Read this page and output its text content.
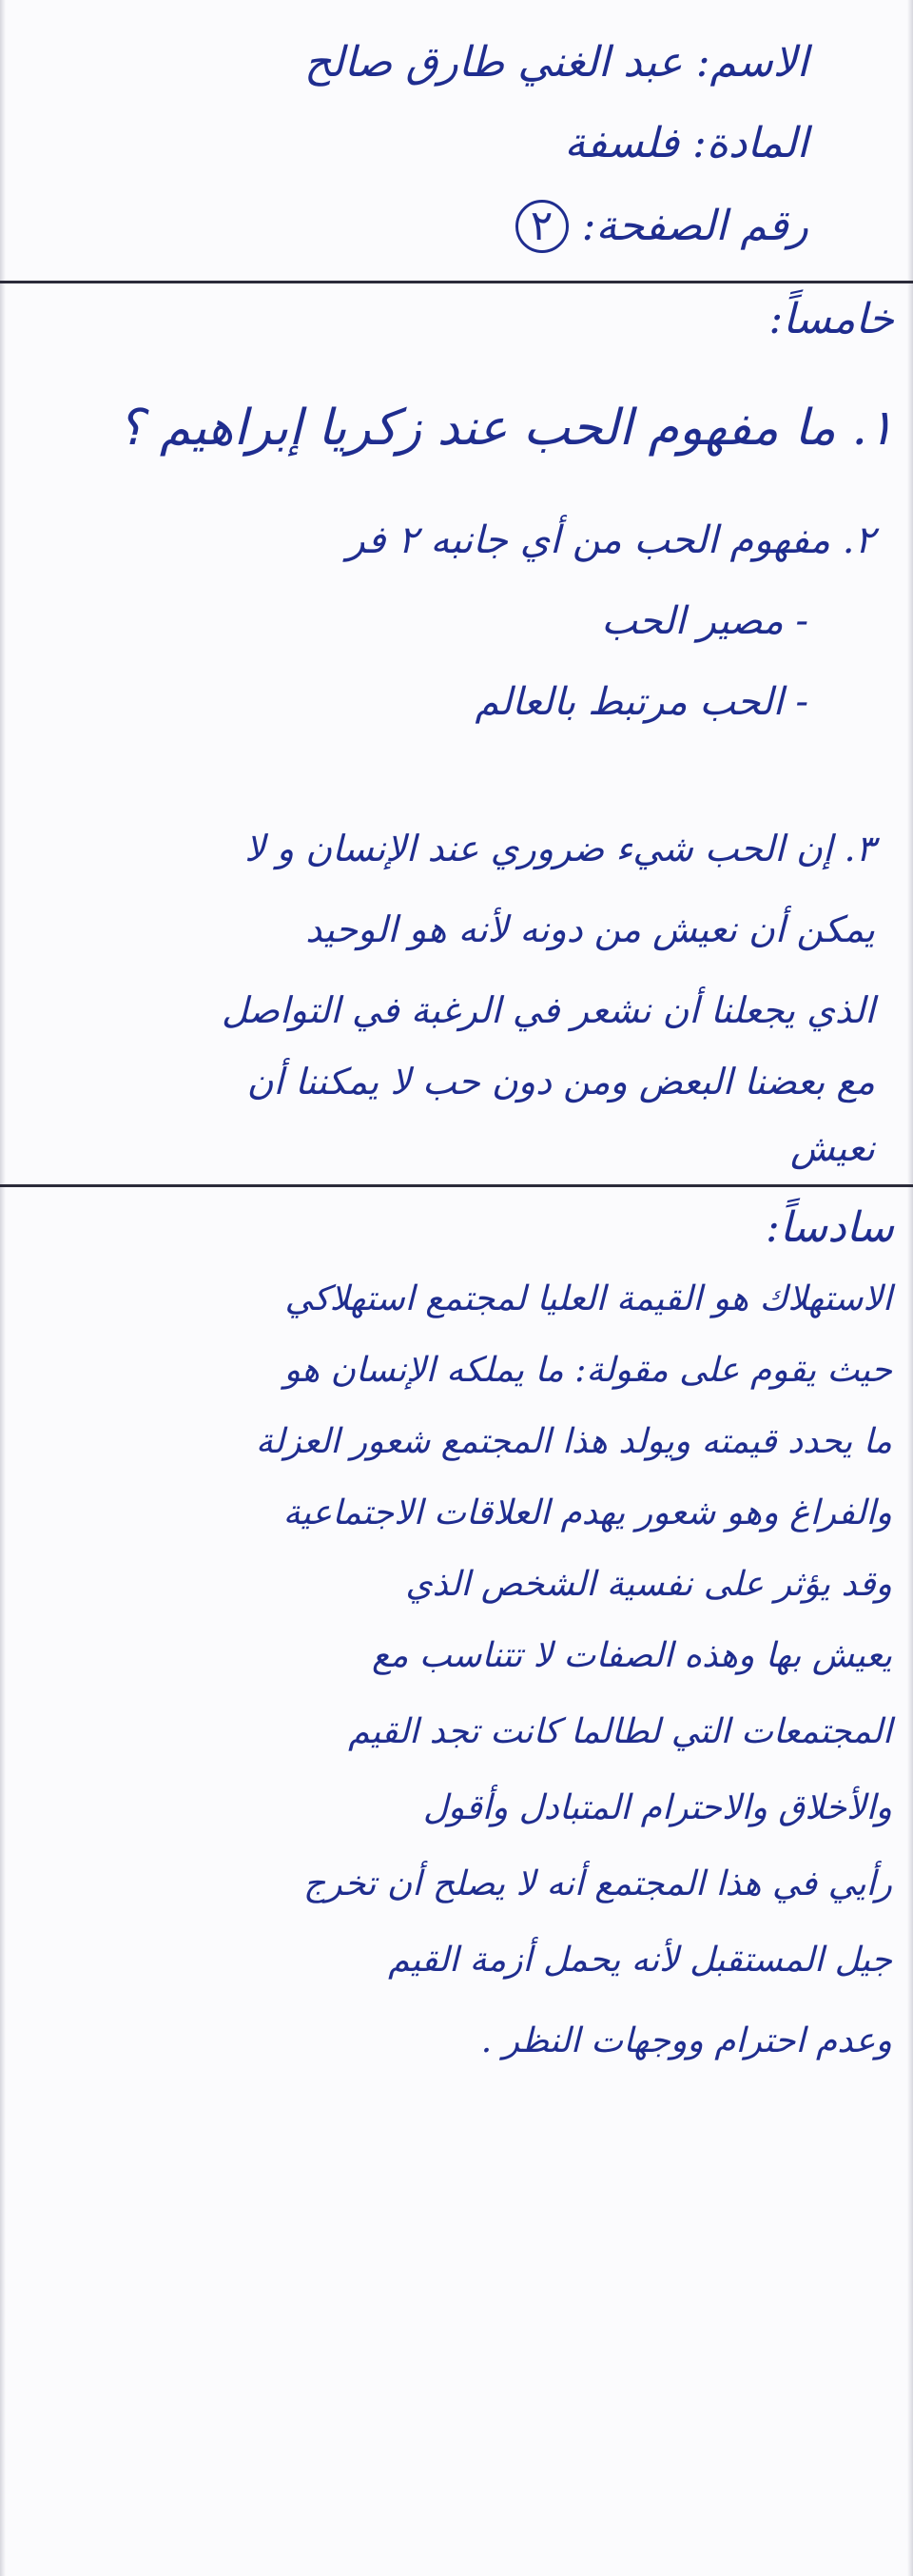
الاسم: عبد الغني طارق صالح
المادة: فلسفة
رقم الصفحة: ٢
خامساً:
١. ما مفهوم الحب عند زكريا إبراهيم ؟
٢. مفهوم الحب من أي جانبه ٢ فر
- مصير الحب
- الحب مرتبط بالعالم
٣. إن الحب شيء ضروري عند الإنسان و لا
يمكن أن نعيش من دونه لأنه هو الوحيد
الذي يجعلنا أن نشعر في الرغبة في التواصل
مع بعضنا البعض ومن دون حب لا يمكننا أن
نعيش
سادساً:
الاستهلاك هو القيمة العليا لمجتمع استهلاكي
حيث يقوم على مقولة: ما يملكه الإنسان هو
ما يحدد قيمته ويولد هذا المجتمع شعور العزلة
والفراغ وهو شعور يهدم العلاقات الاجتماعية
وقد يؤثر على نفسية الشخص الذي
يعيش بها وهذه الصفات لا تتناسب مع
المجتمعات التي لطالما كانت تجد القيم
والأخلاق والاحترام المتبادل وأقول
رأيي في هذا المجتمع أنه لا يصلح أن تخرج
جيل المستقبل لأنه يحمل أزمة القيم
وعدم احترام ووجهات النظر .
